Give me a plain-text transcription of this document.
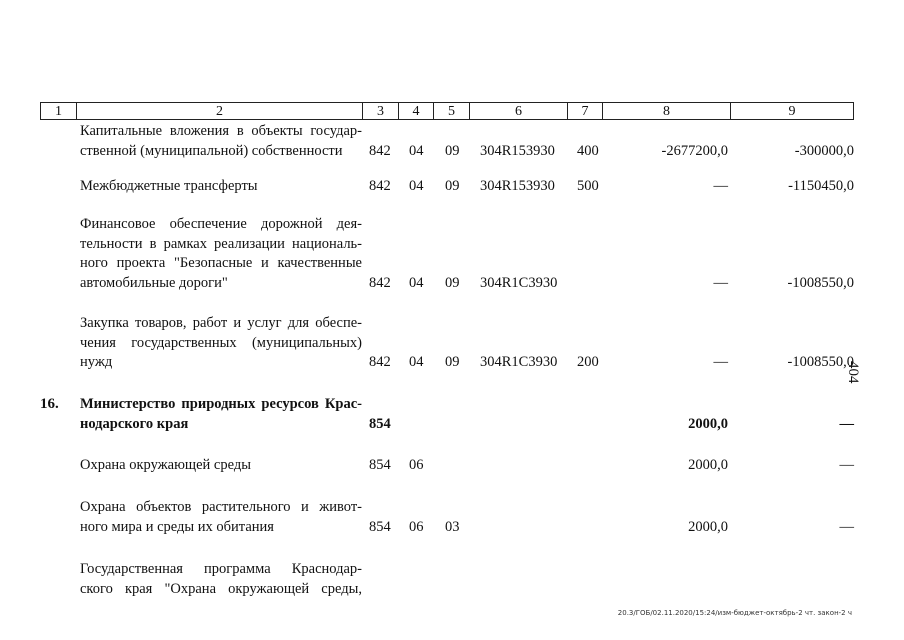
1	2	3	4	5	6	7	8	9
Капитальные вложения в объекты государ-
ственной (муниципальной) собственности	842 04 09 304R153930 400	-2677200,0	-300000,0
Межбюджетные трансферты	842 04 09 304R153930 500	—	-1150450,0
Финансовое обеспечение дорожной дея-
тельности в рамках реализации националь-
ного проекта "Безопасные и качественные
автомобильные дороги"	842 04 09 304R1C3930	—	-1008550,0
Закупка товаров, работ и услуг для обеспе-
чения государственных (муниципальных)
нужд	842 04 09 304R1C3930 200	—	-1008550,0
16.	Министерство природных ресурсов Крас-
нодарского края	854	2000,0	—
Охрана окружающей среды	854 06	2000,0	—
Охрана объектов растительного и живот-
ного мира и среды их обитания	854 06 03	2000,0	—
Государственная программа Краснодар-
ского края "Охрана окружающей среды,
404
20.3/ГОБ/02.11.2020/15:24/изм-бюджет-октябрь-2 чт. закон-2 ч
